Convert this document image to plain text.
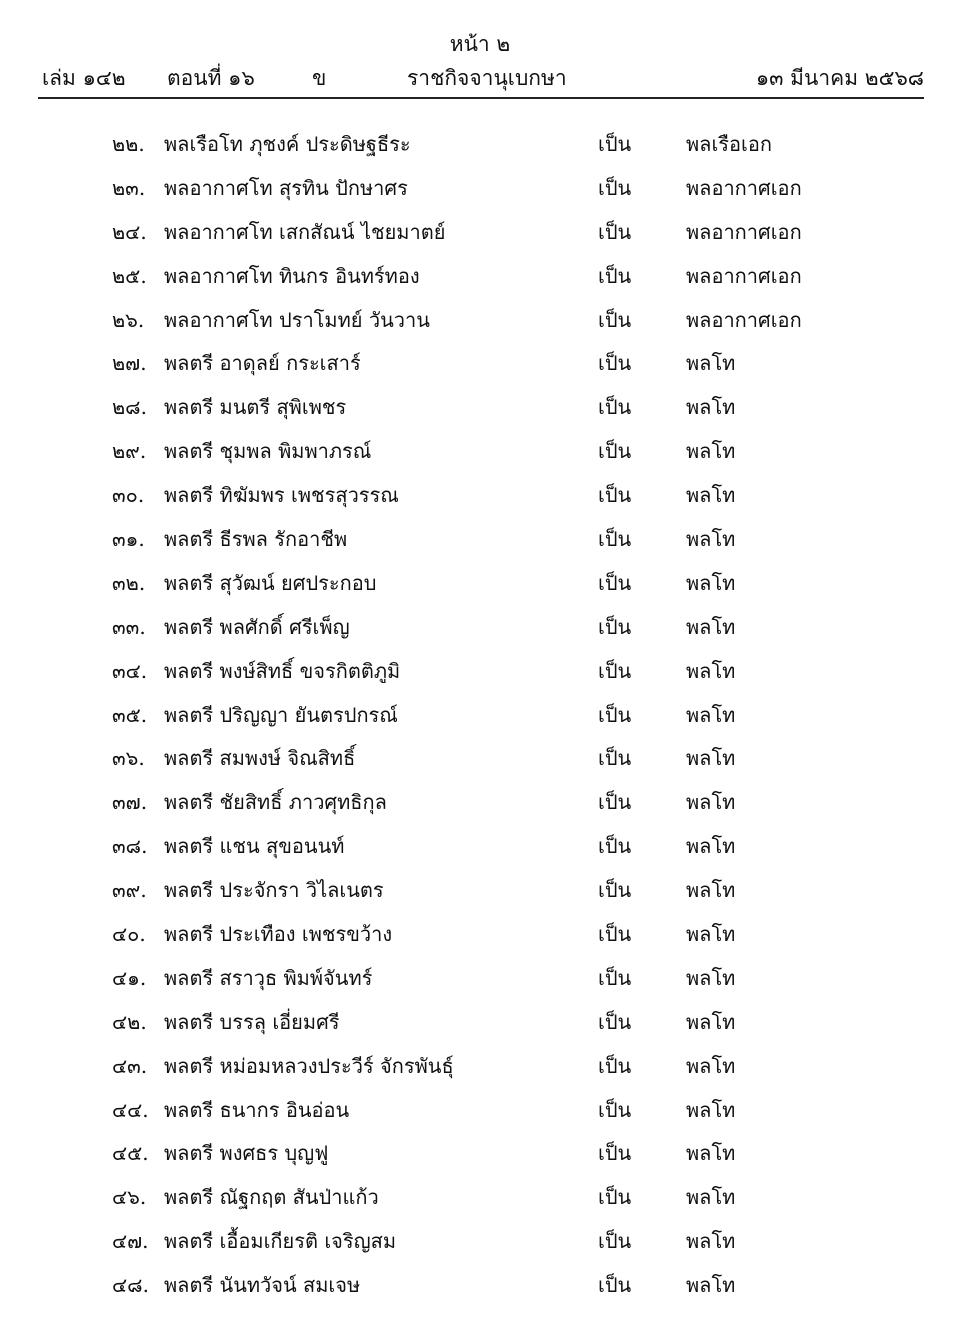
หน้า ๒
เล่ม ๑๔๒ ตอนที่ ๑๖	ข	ราชกิจจานุเบกษา	๑๓ มีนาคม ๒๕๖๘
๒๒. พลเรือโท ภุชงค์ ประดิษฐธีระ	เป็น	พลเรือเอก
๒๓. พลอากาศโท สุรทิน ปักษาศร	เป็น	พลอากาศเอก
๒๔. พลอากาศโท เสกสัณน์ ไชยมาตย์	เป็น	พลอากาศเอก
๒๕. พลอากาศโท ทินกร อินทร์ทอง	เป็น	พลอากาศเอก
๒๖. พลอากาศโท ปราโมทย์ วันวาน	เป็น	พลอากาศเอก
๒๗. พลตรี อาดุลย์ กระเสาร์	เป็น	พลโท
๒๘. พลตรี มนตรี สุพิเพชร	เป็น	พลโท
๒๙. พลตรี ชุมพล พิมพาภรณ์	เป็น	พลโท
๓๐. พลตรี ทิฆัมพร เพชรสุวรรณ	เป็น	พลโท
๓๑. พลตรี ธีรพล รักอาชีพ	เป็น	พลโท
๓๒. พลตรี สุวัฒน์ ยศประกอบ	เป็น	พลโท
๓๓. พลตรี พลศักดิ์ ศรีเพ็ญ	เป็น	พลโท
๓๔. พลตรี พงษ์สิทธิ์ ขจรกิตติภูมิ	เป็น	พลโท
๓๕. พลตรี ปริญญา ยันตรปกรณ์	เป็น	พลโท
๓๖. พลตรี สมพงษ์ จิณสิทธิ์	เป็น	พลโท
๓๗. พลตรี ชัยสิทธิ์ ภาวศุทธิกุล	เป็น	พลโท
๓๘. พลตรี แชน สุขอนนท์	เป็น	พลโท
๓๙. พลตรี ประจักรา วิไลเนตร	เป็น	พลโท
๔๐. พลตรี ประเทือง เพชรขว้าง	เป็น	พลโท
๔๑. พลตรี สราวุธ พิมพ์จันทร์	เป็น	พลโท
๔๒. พลตรี บรรลุ เอี่ยมศรี	เป็น	พลโท
๔๓. พลตรี หม่อมหลวงประวีร์ จักรพันธุ์	เป็น	พลโท
๔๔. พลตรี ธนากร อินอ่อน	เป็น	พลโท
๔๕. พลตรี พงศธร บุญฟู	เป็น	พลโท
๔๖. พลตรี ณัฐกฤต สันป่าแก้ว	เป็น	พลโท
๔๗. พลตรี เอื้อมเกียรติ เจริญสม	เป็น	พลโท
๔๘. พลตรี นันทวัจน์ สมเจษ	เป็น	พลโท
